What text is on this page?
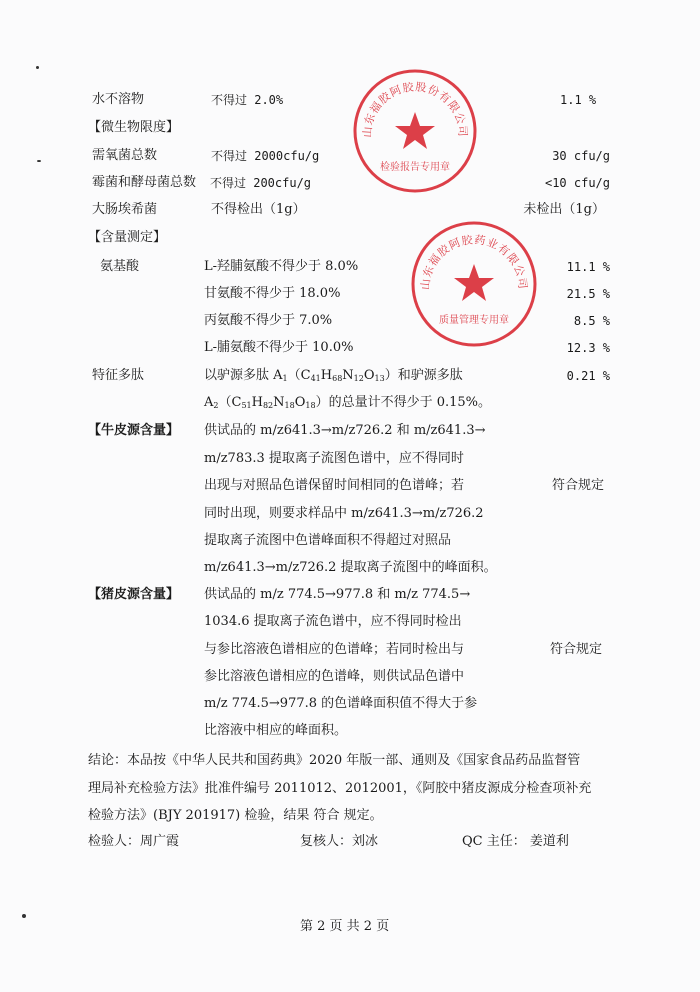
水不溶物	不得过 2.0%	1.1 %
【微生物限度】
需氧菌总数	不得过 2000cfu/g	30 cfu/g
霉菌和酵母菌总数 不得过 200cfu/g	<10 cfu/g
大肠埃希菌	不得检出（1g）	未检出（1g）
【含量测定】
氨基酸	L-羟脯氨酸不得少于 8.0%	11.1 %
甘氨酸不得少于 18.0%	21.5 %
丙氨酸不得少于 7.0%	8.5 %
L-脯氨酸不得少于 10.0%	12.3 %
特征多肽	以驴源多肽 $A_1(C_{41}H_{68}N_{12}O_{13})$和驴源多肽	0.21 %
$A_2(C_{51}H_{82}N_{18}O_{18})$的总量计不得少于 0.15%。
【牛皮源含量】 供试品的 m/z641.3→m/z726.2 和 m/z641.3→
m/z783.3 提取离子流图色谱中，应不得同时
出现与对照品色谱保留时间相同的色谱峰；若	符合规定
同时出现，则要求样品中 m/z641.3→m/z726.2
提取离子流图中色谱峰面积不得超过对照品
m/z641.3→m/z726.2 提取离子流图中的峰面积。
【猪皮源含量】 供试品的 m/z 774.5→977.8 和 m/z 774.5→
1034.6 提取离子流色谱中，应不得同时检出
与参比溶液色谱相应的色谱峰；若同时检出与	符合规定
参比溶液色谱相应的色谱峰，则供试品色谱中
m/z 774.5→977.8 的色谱峰面积值不得大于参
比溶液中相应的峰面积。
结论：本品按《中华人民共和国药典》2020 年版一部、通则及《国家食品药品监督管
理局补充检验方法》批准件编号 2011012、2012001，《阿胶中猪皮源成分检查项补充
检验方法》(BJY 201917) 检验，结果 符合 规定。
检验人：周广霞	复核人：刘冰	QC 主任： 姜道利
第 2 页 共 2 页
山东福胶阿胶股份有限公司
检验报告专用章
山东福胶阿胶药业有限公司
质量管理专用章
